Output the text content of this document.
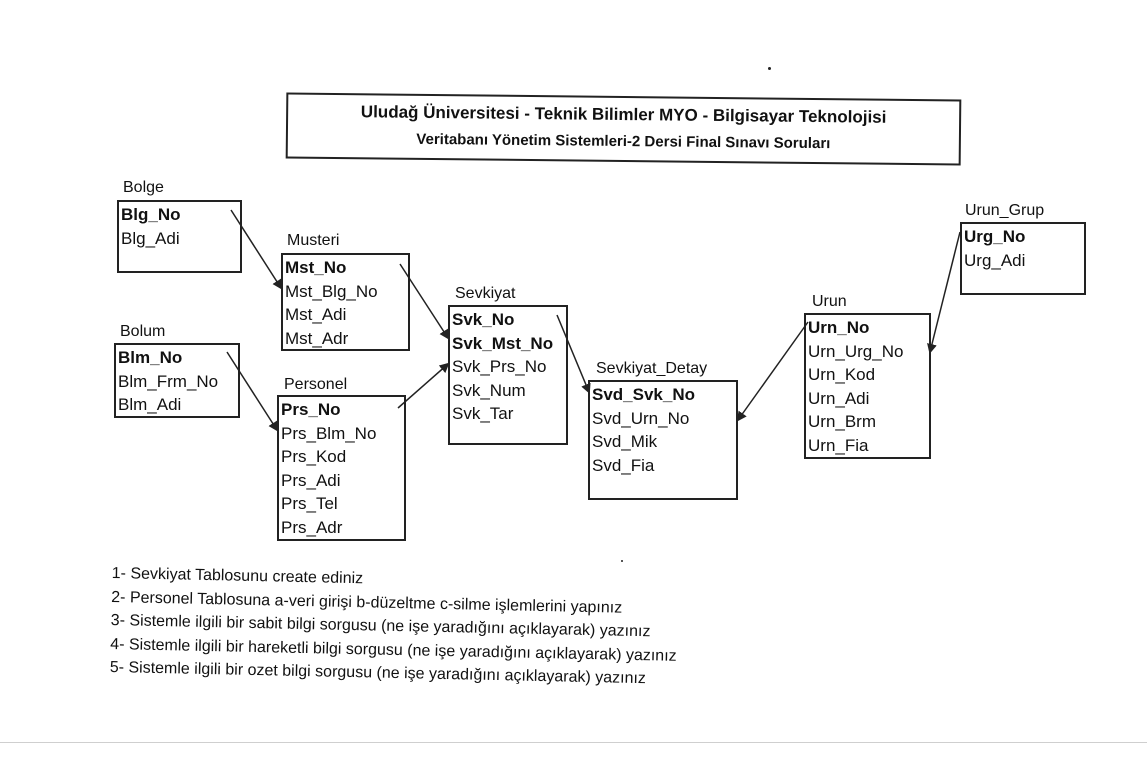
Uludağ Üniversitesi - Teknik Bilimler MYO - Bilgisayar Teknolojisi
Veritabanı Yönetim Sistemleri-2 Dersi Final Sınavı Soruları
Bolge
Blg_No
Blg_Adi
Bolum
Blm_No
Blm_Frm_No
Blm_Adi
Musteri
Mst_No
Mst_Blg_No
Mst_Adi
Mst_Adr
Personel
Prs_No
Prs_Blm_No
Prs_Kod
Prs_Adi
Prs_Tel
Prs_Adr
Sevkiyat
Svk_No
Svk_Mst_No
Svk_Prs_No
Svk_Num
Svk_Tar
Sevkiyat_Detay
Svd_Svk_No
Svd_Urn_No
Svd_Mik
Svd_Fia
Urun
Urn_No
Urn_Urg_No
Urn_Kod
Urn_Adi
Urn_Brm
Urn_Fia
Urun_Grup
Urg_No
Urg_Adi
1- Sevkiyat Tablosunu create ediniz
2- Personel Tablosuna a-veri girişi b-düzeltme c-silme işlemlerini yapınız
3- Sistemle ilgili bir sabit bilgi sorgusu (ne işe yaradığını açıklayarak) yazınız
4- Sistemle ilgili bir hareketli bilgi sorgusu (ne işe yaradığını açıklayarak) yazınız
5- Sistemle ilgili bir ozet bilgi sorgusu (ne işe yaradığını açıklayarak) yazınız
